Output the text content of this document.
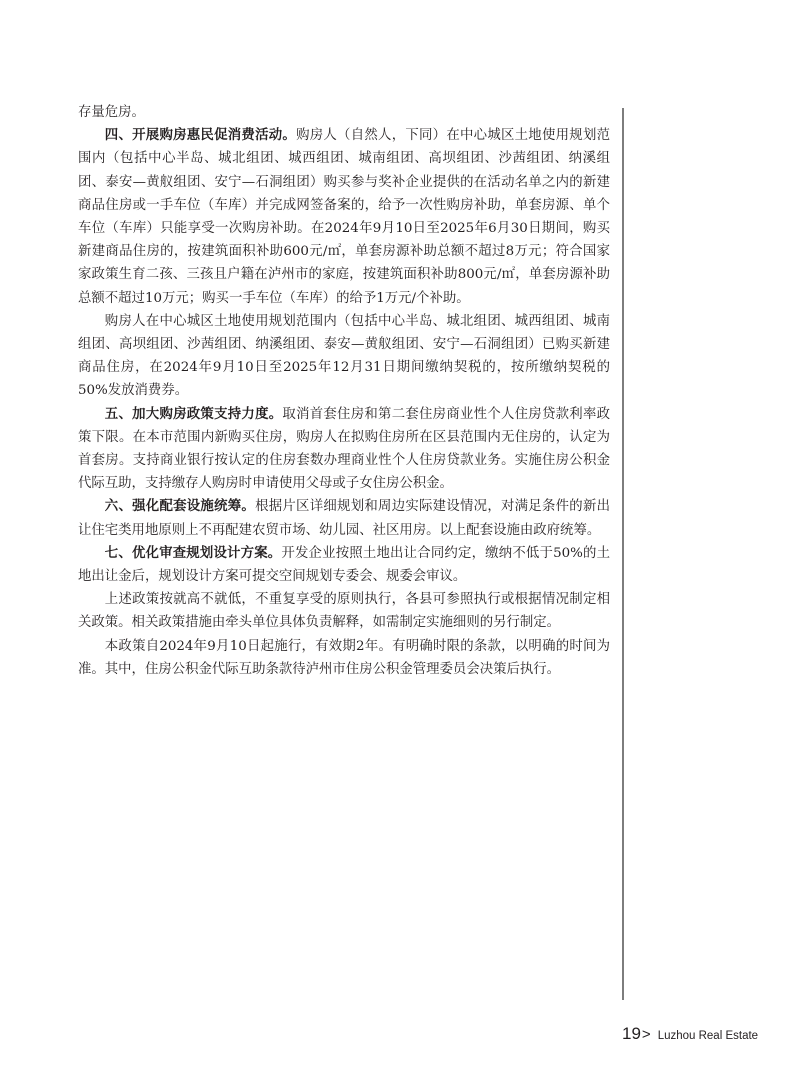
存量危房。

四、开展购房惠民促消费活动。购房人（自然人，下同）在中心城区土地使用规划范围内（包括中心半岛、城北组团、城西组团、城南组团、高坝组团、沙茜组团、纳溪组团、泰安—黄舣组团、安宁—石洞组团）购买参与奖补企业提供的在活动名单之内的新建商品住房或一手车位（车库）并完成网签备案的，给予一次性购房补助，单套房源、单个车位（车库）只能享受一次购房补助。在2024年9月10日至2025年6月30日期间，购买新建商品住房的，按建筑面积补助600元/㎡，单套房源补助总额不超过8万元；符合国家家政策生育二孩、三孩且户籍在泸州市的家庭，按建筑面积补助800元/㎡，单套房源补助总额不超过10万元；购买一手车位（车库）的给予1万元/个补助。

购房人在中心城区土地使用规划范围内（包括中心半岛、城北组团、城西组团、城南组团、高坝组团、沙茜组团、纳溪组团、泰安—黄舣组团、安宁—石洞组团）已购买新建商品住房，在2024年9月10日至2025年12月31日期间缴纳契税的，按所缴纳契税的50%发放消费券。

五、加大购房政策支持力度。取消首套住房和第二套住房商业性个人住房贷款利率政策下限。在本市范围内新购买住房，购房人在拟购住房所在区县范围内无住房的，认定为首套房。支持商业银行按认定的住房套数办理商业性个人住房贷款业务。实施住房公积金代际互助，支持缴存人购房时申请使用父母或子女住房公积金。

六、强化配套设施统筹。根据片区详细规划和周边实际建设情况，对满足条件的新出让住宅类用地原则上不再配建农贸市场、幼儿园、社区用房。以上配套设施由政府统筹。

七、优化审查规划设计方案。开发企业按照土地出让合同约定，缴纳不低于50%的土地出让金后，规划设计方案可提交空间规划专委会、规委会审议。

上述政策按就高不就低，不重复享受的原则执行，各县可参照执行或根据情况制定相关政策。相关政策措施由牵头单位具体负责解释，如需制定实施细则的另行制定。

本政策自2024年9月10日起施行，有效期2年。有明确时限的条款，以明确的时间为准。其中，住房公积金代际互助条款待泸州市住房公积金管理委员会决策后执行。

19 > Luzhou Real Estate
